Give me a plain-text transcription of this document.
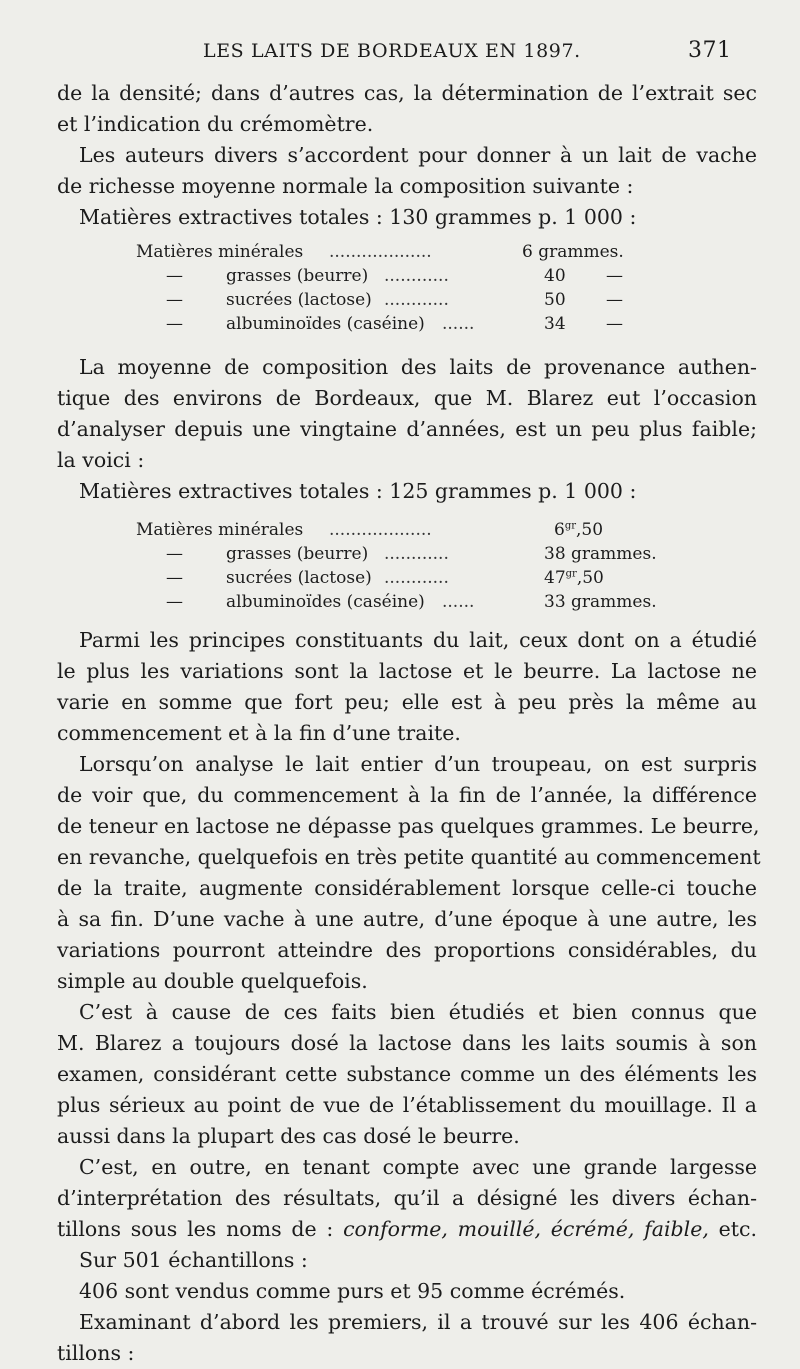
LES LAITS DE BORDEAUX EN 1897.	371
de la densité; dans d’autres cas, la détermination de l’extrait sec
et l’indication du crémomètre.
Les auteurs divers s’accordent pour donner à un lait de vache
de richesse moyenne normale la composition suivante :
Matières extractives totales : 130 grammes p. 1 000 :
Matières minérales ...................	6 grammes.
—	grasses (beurre) ............	40 —
—	sucrées (lactose) ............	50 —
—	albuminoïdes (caséine) ......	34 —
La moyenne de composition des laits de provenance authen-
tique des environs de Bordeaux, que M. Blarez eut l’occasion
d’analyser depuis une vingtaine d’années, est un peu plus faible;
la voici :
Matières extractives totales : 125 grammes p. 1 000 :
Matières minérales ...................	$6^{gr},50$
—	grasses (beurre) ............	38 grammes.
—	sucrées (lactose) ............	$47^{gr},50$
—	albuminoïdes (caséine) ......	33 grammes.
Parmi les principes constituants du lait, ceux dont on a étudié
le plus les variations sont la lactose et le beurre. La lactose ne
varie en somme que fort peu; elle est à peu près la même au
commencement et à la fin d’une traite.
Lorsqu’on analyse le lait entier d’un troupeau, on est surpris
de voir que, du commencement à la fin de l’année, la différence
de teneur en lactose ne dépasse pas quelques grammes. Le beurre,
en revanche, quelquefois en très petite quantité au commencement
de la traite, augmente considérablement lorsque celle-ci touche
à sa fin. D’une vache à une autre, d’une époque à une autre, les
variations pourront atteindre des proportions considérables, du
simple au double quelquefois.
C’est à cause de ces faits bien étudiés et bien connus que
M. Blarez a toujours dosé la lactose dans les laits soumis à son
examen, considérant cette substance comme un des éléments les
plus sérieux au point de vue de l’établissement du mouillage. Il a
aussi dans la plupart des cas dosé le beurre.
C’est, en outre, en tenant compte avec une grande largesse
d’interprétation des résultats, qu’il a désigné les divers échan-
tillons sous les noms de : conforme, mouillé, écrémé, faible, etc.
Sur 501 échantillons :
406 sont vendus comme purs et 95 comme écrémés.
Examinant d’abord les premiers, il a trouvé sur les 406 échan-
tillons :
